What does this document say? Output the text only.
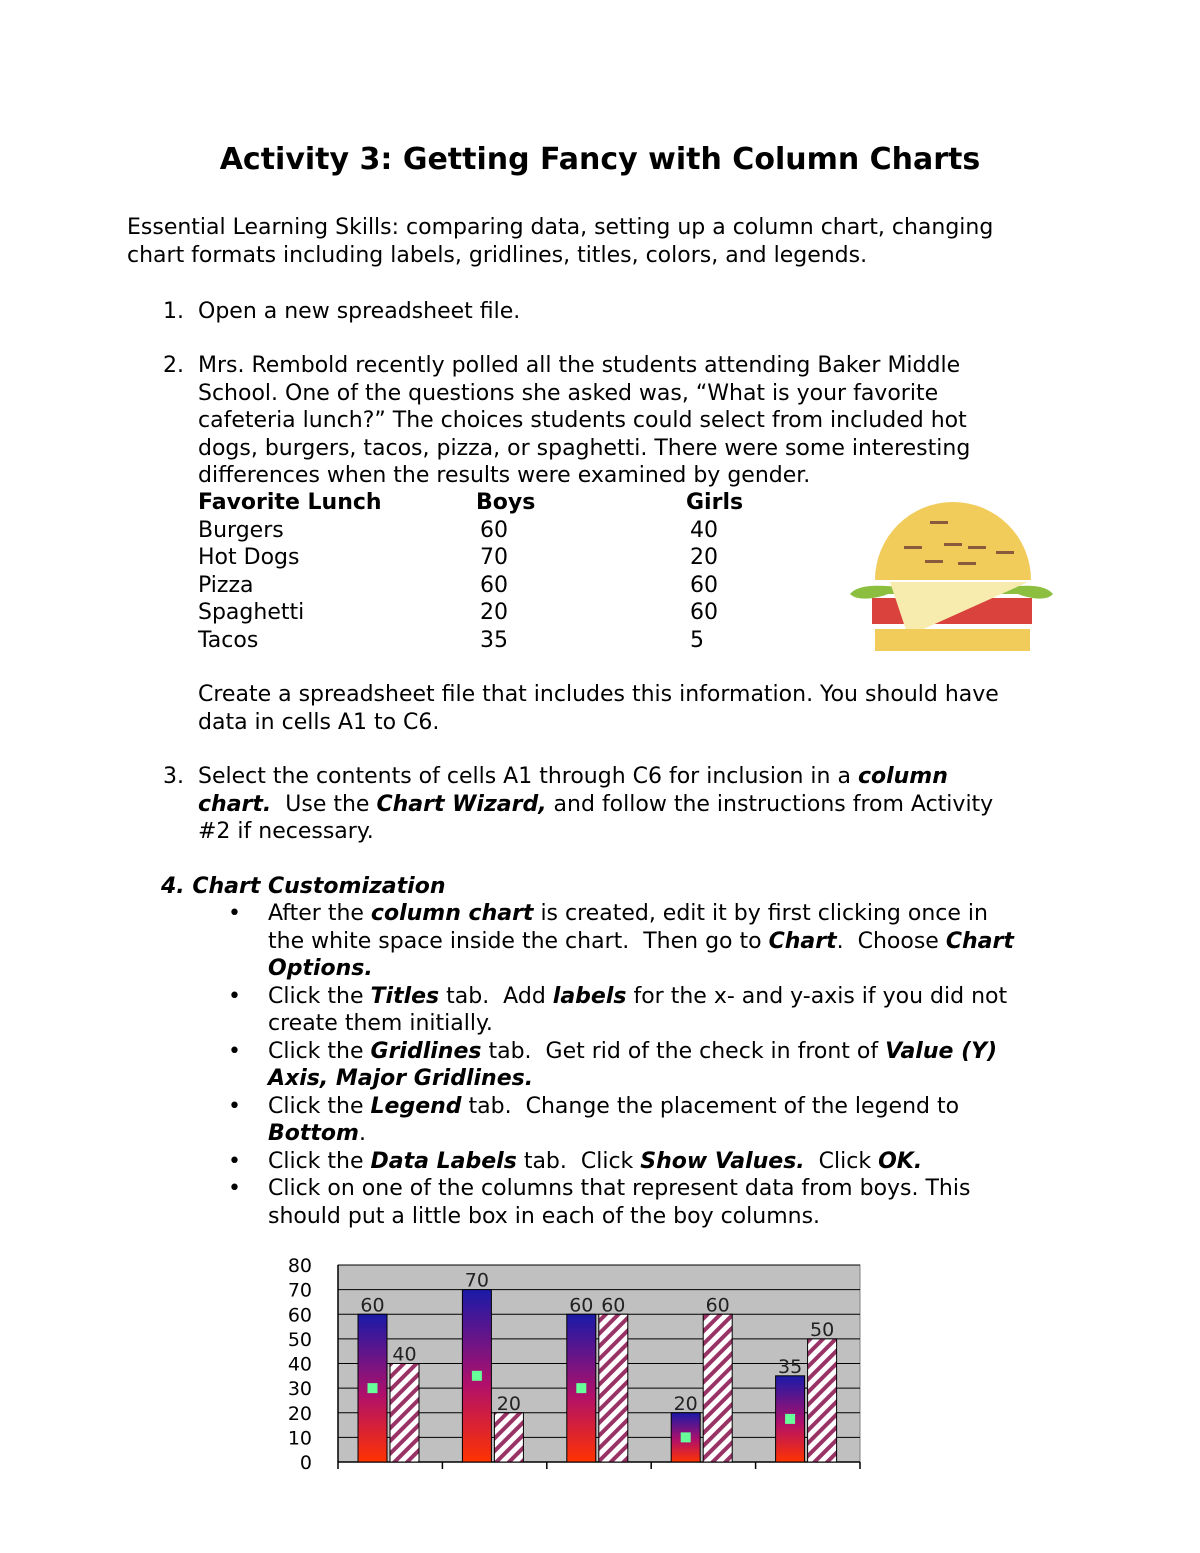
Activity 3: Getting Fancy with Column Charts
Essential Learning Skills: comparing data, setting up a column chart, changing
chart formats including labels, gridlines, titles, colors, and legends.
1. Open a new spreadsheet file.
2. Mrs. Rembold recently polled all the students attending Baker Middle
School. One of the questions she asked was, “What is your favorite
cafeteria lunch?” The choices students could select from included hot
dogs, burgers, tacos, pizza, or spaghetti. There were some interesting
differences when the results were examined by gender.
Favorite Lunch	Boys	Girls
Burgers	60	40
Hot Dogs	70	20
Pizza	60	60
Spaghetti	20	60
Tacos	35	5
Create a spreadsheet file that includes this information. You should have
data in cells A1 to C6.
3. Select the contents of cells A1 through C6 for inclusion in a column
chart.  Use the Chart Wizard, and follow the instructions from Activity
#2 if necessary.
4. Chart Customization
• After the column chart is created, edit it by first clicking once in
the white space inside the chart.  Then go to Chart.  Choose Chart
Options.
• Click the Titles tab.  Add labels for the x- and y-axis if you did not
create them initially.
• Click the Gridlines tab.  Get rid of the check in front of Value (Y)
Axis, Major Gridlines.
• Click the Legend tab.  Change the placement of the legend to
Bottom.
• Click the Data Labels tab.  Click Show Values.  Click OK.
• Click on one of the columns that represent data from boys. This
should put a little box in each of the boy columns.
0
10
20
30
40
50
60
70
80
60
40
70
20
60 60
20
60
35
50
